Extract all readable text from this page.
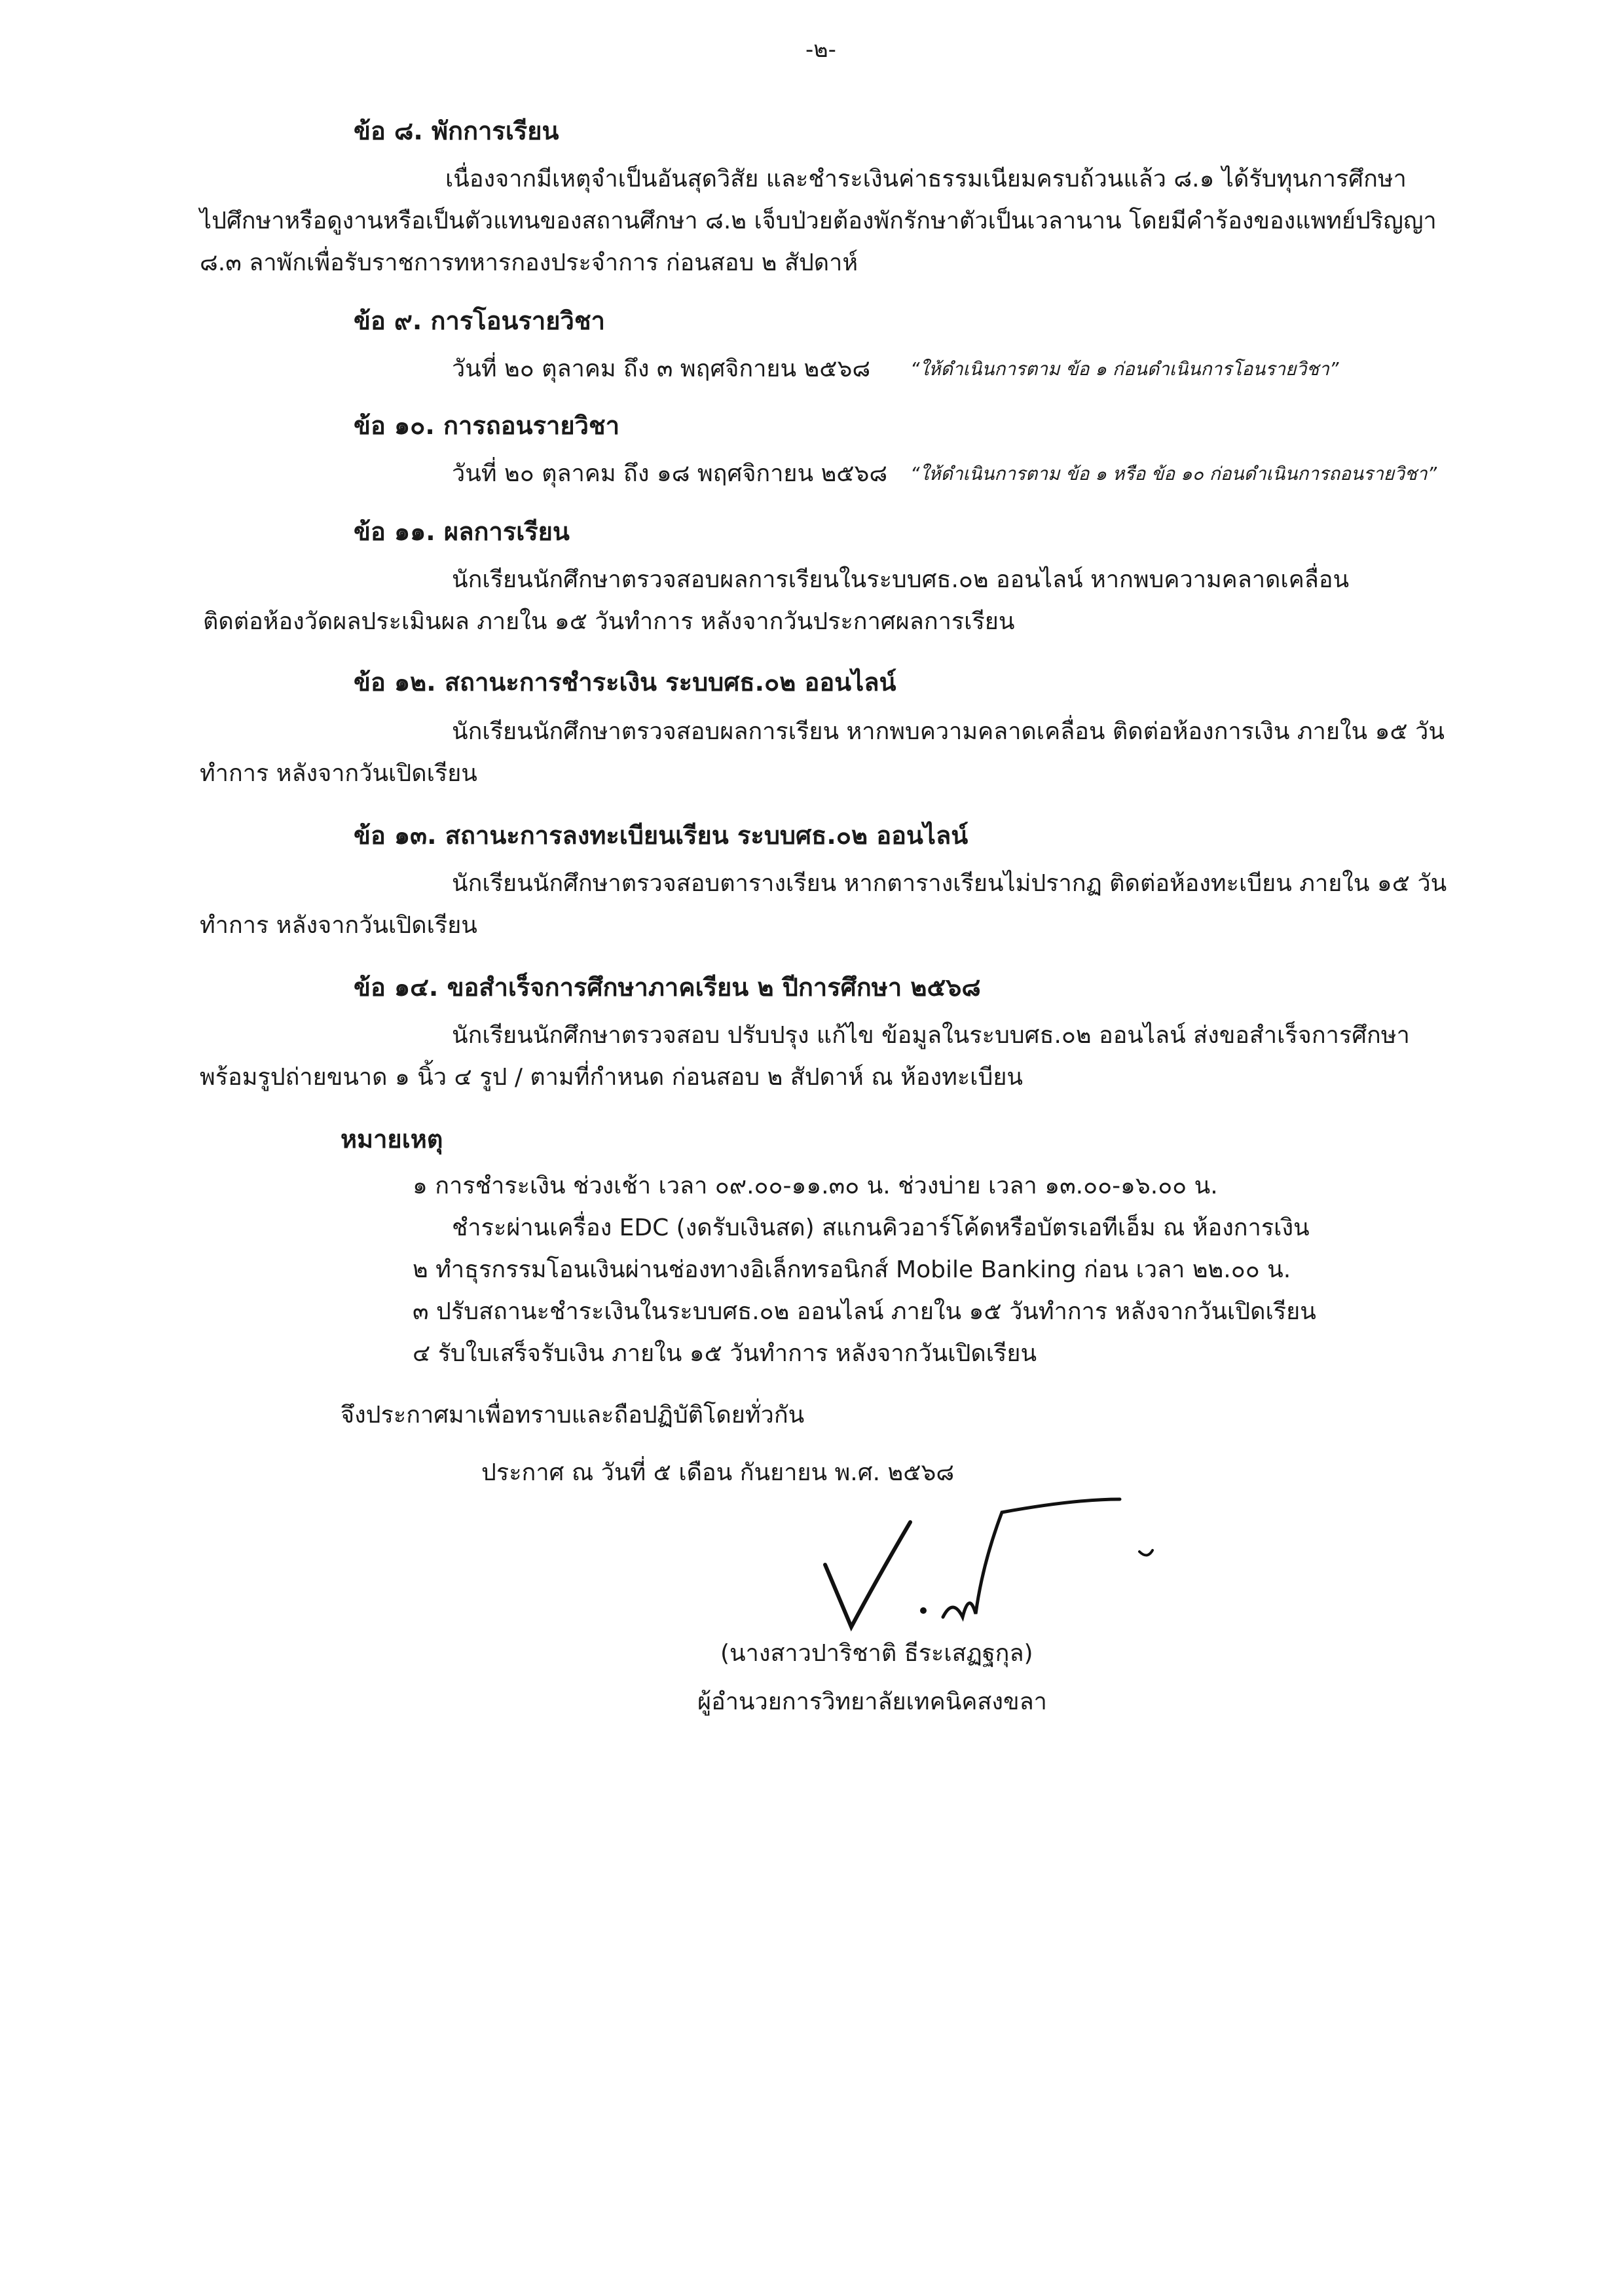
-๒-
ข้อ ๘. พักการเรียน
เนื่องจากมีเหตุจำเป็นอันสุดวิสัย และชำระเงินค่าธรรมเนียมครบถ้วนแล้ว ๘.๑ ได้รับทุนการศึกษา
ไปศึกษาหรือดูงานหรือเป็นตัวแทนของสถานศึกษา ๘.๒ เจ็บป่วยต้องพักรักษาตัวเป็นเวลานาน โดยมีคำร้องของแพทย์ปริญญา
๘.๓ ลาพักเพื่อรับราชการทหารกองประจำการ ก่อนสอบ ๒ สัปดาห์
ข้อ ๙. การโอนรายวิชา
วันที่ ๒๐ ตุลาคม ถึง ๓ พฤศจิกายน ๒๕๖๘ “ให้ดำเนินการตาม ข้อ ๑ ก่อนดำเนินการโอนรายวิชา”
ข้อ ๑๐. การถอนรายวิชา
วันที่ ๒๐ ตุลาคม ถึง ๑๘ พฤศจิกายน ๒๕๖๘ “ให้ดำเนินการตาม ข้อ ๑ หรือ ข้อ ๑๐ ก่อนดำเนินการถอนรายวิชา”
ข้อ ๑๑. ผลการเรียน
นักเรียนนักศึกษาตรวจสอบผลการเรียนในระบบศธ.๐๒ ออนไลน์ หากพบความคลาดเคลื่อน
ติดต่อห้องวัดผลประเมินผล ภายใน ๑๕ วันทำการ หลังจากวันประกาศผลการเรียน
ข้อ ๑๒. สถานะการชำระเงิน ระบบศธ.๐๒ ออนไลน์
นักเรียนนักศึกษาตรวจสอบผลการเรียน หากพบความคลาดเคลื่อน ติดต่อห้องการเงิน ภายใน ๑๕ วัน
ทำการ หลังจากวันเปิดเรียน
ข้อ ๑๓. สถานะการลงทะเบียนเรียน ระบบศธ.๐๒ ออนไลน์
นักเรียนนักศึกษาตรวจสอบตารางเรียน หากตารางเรียนไม่ปรากฏ ติดต่อห้องทะเบียน ภายใน ๑๕ วัน
ทำการ หลังจากวันเปิดเรียน
ข้อ ๑๔. ขอสำเร็จการศึกษาภาคเรียน ๒ ปีการศึกษา ๒๕๖๘
นักเรียนนักศึกษาตรวจสอบ ปรับปรุง แก้ไข ข้อมูลในระบบศธ.๐๒ ออนไลน์ ส่งขอสำเร็จการศึกษา
พร้อมรูปถ่ายขนาด ๑ นิ้ว ๔ รูป / ตามที่กำหนด ก่อนสอบ ๒ สัปดาห์ ณ ห้องทะเบียน
หมายเหตุ
๑ การชำระเงิน ช่วงเช้า เวลา ๐๙.๐๐-๑๑.๓๐ น. ช่วงบ่าย เวลา ๑๓.๐๐-๑๖.๐๐ น.
ชำระผ่านเครื่อง EDC (งดรับเงินสด) สแกนคิวอาร์โค้ดหรือบัตรเอทีเอ็ม ณ ห้องการเงิน
๒ ทำธุรกรรมโอนเงินผ่านช่องทางอิเล็กทรอนิกส์ Mobile Banking ก่อน เวลา ๒๒.๐๐ น.
๓ ปรับสถานะชำระเงินในระบบศธ.๐๒ ออนไลน์ ภายใน ๑๕ วันทำการ หลังจากวันเปิดเรียน
๔ รับใบเสร็จรับเงิน ภายใน ๑๕ วันทำการ หลังจากวันเปิดเรียน
จึงประกาศมาเพื่อทราบและถือปฏิบัติโดยทั่วกัน
ประกาศ ณ วันที่ ๕ เดือน กันยายน พ.ศ. ๒๕๖๘
(นางสาวปาริชาติ ธีระเสฏฐกุล)
ผู้อำนวยการวิทยาลัยเทคนิคสงขลา
